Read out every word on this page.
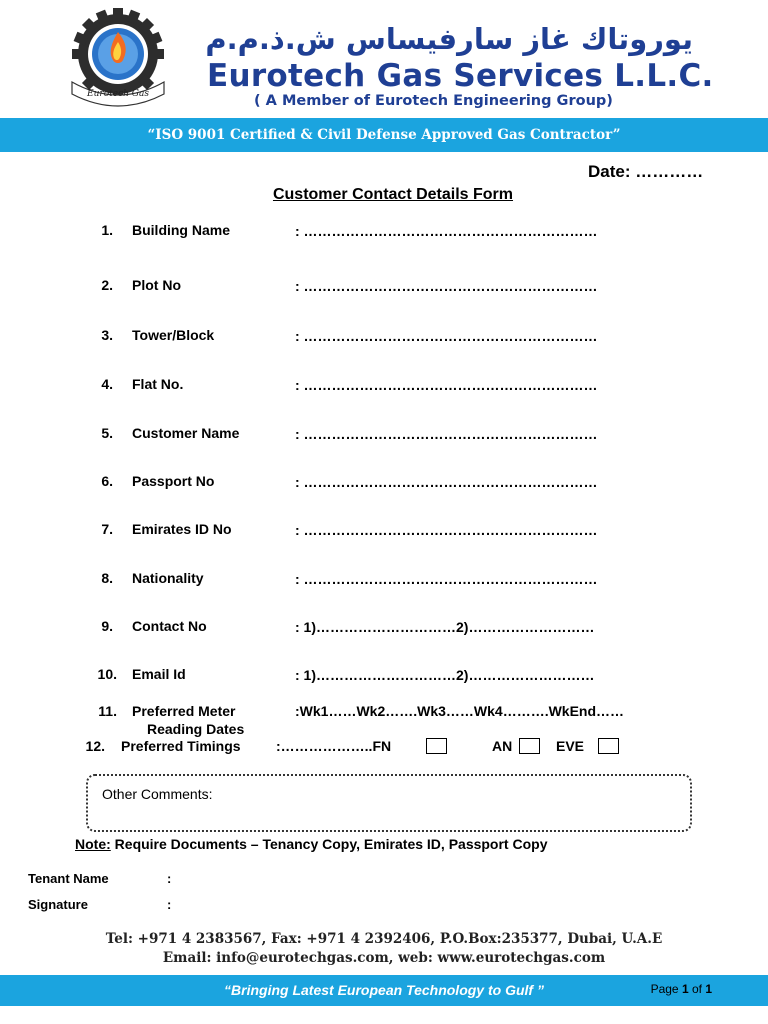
Eurotech Gas
يوروتاك غاز سارفيساس ش.ذ.م.م
Eurotech Gas Services L.L.C.
( A Member of Eurotech Engineering Group)
“ISO 9001 Certified & Civil Defense Approved Gas Contractor”
Date: …………
Customer Contact Details Form
1. Building Name	: ………………………………………………………
2. Plot No	: ………………………………………………………
3. Tower/Block	: ………………………………………………………
4. Flat No.	: ………………………………………………………
5. Customer Name	: ………………………………………………………
6. Passport No	: ………………………………………………………
7. Emirates ID No	: ………………………………………………………
8. Nationality	: ………………………………………………………
9. Contact No	: 1)…………………………2)………………………
10. Email Id	: 1)…………………………2)………………………
11. Preferred Meter
Reading Dates
:Wk1……Wk2…….Wk3……Wk4……….WkEnd……
12. Preferred Timings	:………………..FN	AN	EVE
Other Comments:
Note: Require Documents – Tenancy Copy, Emirates ID, Passport Copy
Tenant Name	:
Signature	:
Tel: +971 4 2383567, Fax: +971 4 2392406, P.O.Box:235377, Dubai, U.A.E
Email: info@eurotechgas.com, web: www.eurotechgas.com
“Bringing Latest European Technology to Gulf ”	Page 1 of 1
